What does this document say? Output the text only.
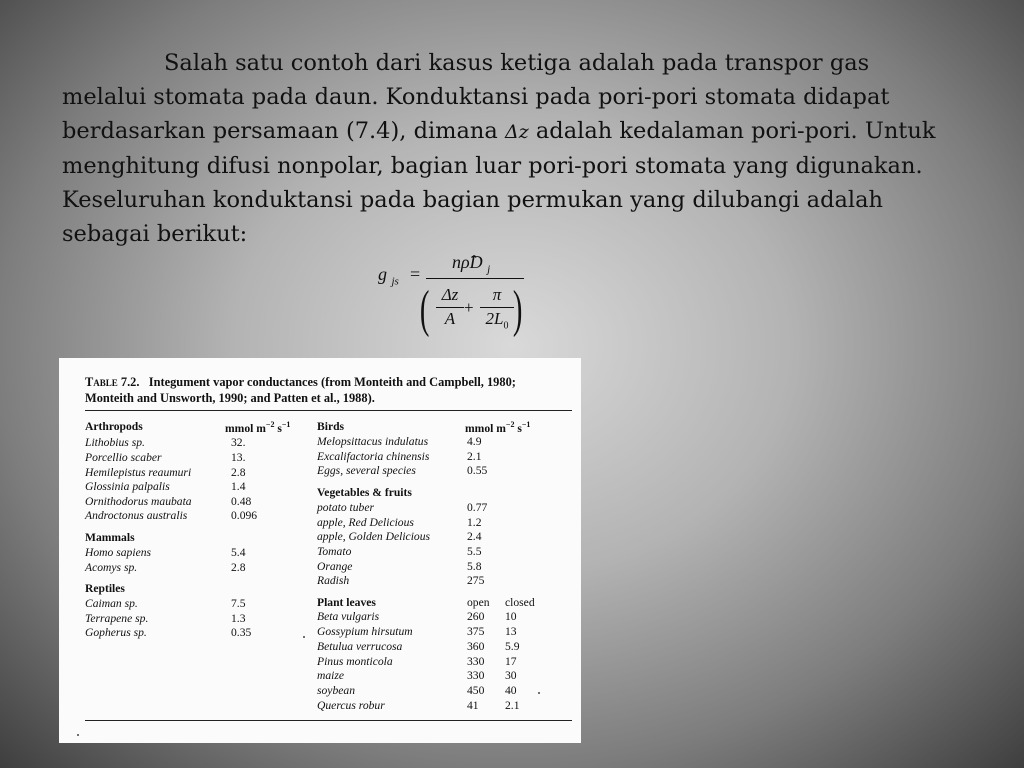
Salah satu contoh dari kasus ketiga adalah pada transpor gas melalui stomata pada daun. Konduktansi pada pori-pori stomata didapat berdasarkan persamaan (7.4), dimana Δz adalah kedalaman pori-pori. Untuk menghitung difusi nonpolar, bagian luar pori-pori stomata yang digunakan. Keseluruhan konduktansi pada bagian permukan yang dilubangi adalah sebagai berikut:
g $_{js}$ =
nρ̂D $_j$
( Δz
A
+
π
$2L_0$ )
Table 7.2. Integument vapor conductances (from Monteith and Campbell, 1980; Monteith and Unsworth, 1990; and Patten et al., 1988).
mmol $m^{-2}$ $s^{-1}$	mmol $m^{-2}$ $s^{-1}$
Arthropods
Lithobius sp.	32.
Porcellio scaber	13.
Hemilepistus reaumuri	2.8
Glossinia palpalis	1.4
Ornithodorus maubata	0.48
Androctonus australis	0.096
Mammals
Homo sapiens	5.4
Acomys sp.	2.8
Reptiles
Caiman sp.	7.5
Terrapene sp.	1.3
Gopherus sp.	0.35
Birds
Melopsittacus indulatus	4.9
Excalifactoria chinensis	2.1
Eggs, several species	0.55
Vegetables & fruits
potato tuber	0.77
apple, Red Delicious	1.2
apple, Golden Delicious	2.4
Tomato	5.5
Orange	5.8
Radish	275
Plant leaves	open closed
Beta vulgaris	260 10
Gossypium hirsutum	375 13
Betulua verrucosa	360 5.9
Pinus monticola	330 17
maize	330 30
soybean	450 40
Quercus robur	41 2.1
